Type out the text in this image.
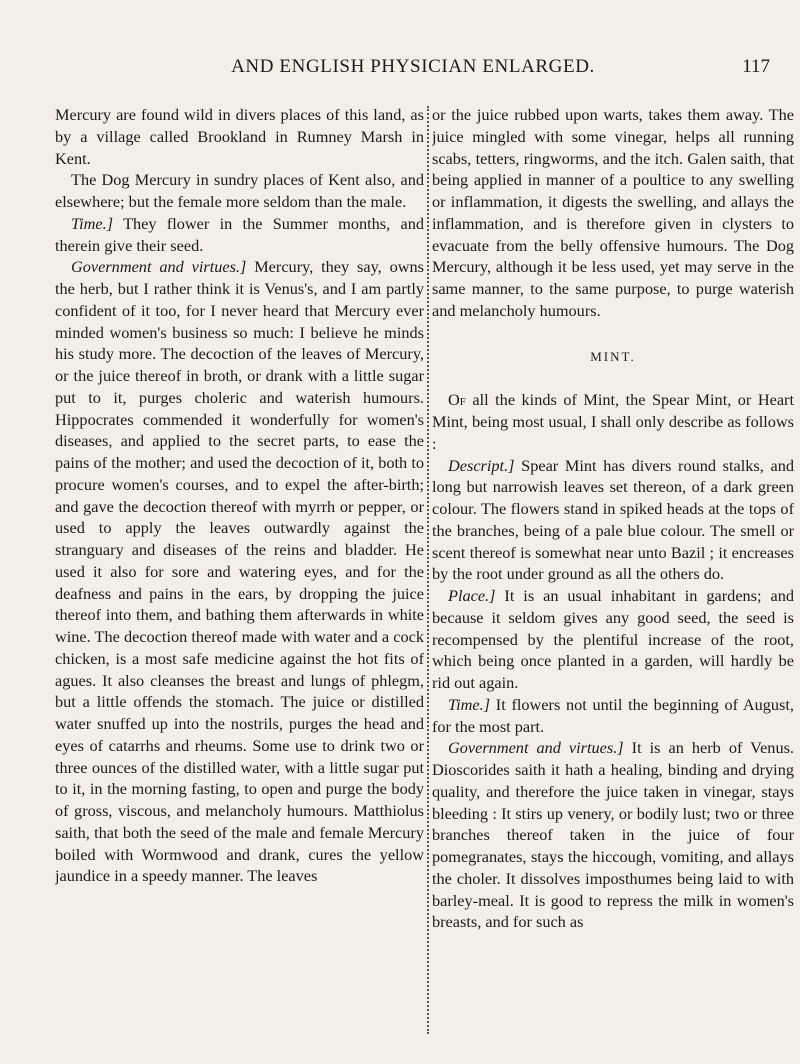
AND ENGLISH PHYSICIAN ENLARGED.	117

Mercury are found wild in divers places of this land, as by a village called Brookland in Rumney Marsh in Kent.

The Dog Mercury in sundry places of Kent also, and elsewhere; but the female more seldom than the male.

Time.] They flower in the Summer months, and therein give their seed.

Government and virtues.] Mercury, they say, owns the herb, but I rather think it is Venus's, and I am partly confident of it too, for I never heard that Mercury ever minded women's business so much: I believe he minds his study more. The decoction of the leaves of Mercury, or the juice thereof in broth, or drank with a little sugar put to it, purges choleric and waterish humours. Hippocrates commended it wonderfully for women's diseases, and applied to the secret parts, to ease the pains of the mother; and used the decoction of it, both to procure women's courses, and to expel the after-birth; and gave the decoction thereof with myrrh or pepper, or used to apply the leaves outwardly against the stranguary and diseases of the reins and bladder. He used it also for sore and watering eyes, and for the deafness and pains in the ears, by dropping the juice thereof into them, and bathing them afterwards in white wine. The decoction thereof made with water and a cock chicken, is a most safe medicine against the hot fits of agues. It also cleanses the breast and lungs of phlegm, but a little offends the stomach. The juice or distilled water snuffed up into the nostrils, purges the head and eyes of catarrhs and rheums. Some use to drink two or three ounces of the distilled water, with a little sugar put to it, in the morning fasting, to open and purge the body of gross, viscous, and melancholy humours. Matthiolus saith, that both the seed of the male and female Mercury boiled with Wormwood and drank, cures the yellow jaundice in a speedy manner. The leaves

or the juice rubbed upon warts, takes them away. The juice mingled with some vinegar, helps all running scabs, tetters, ringworms, and the itch. Galen saith, that being applied in manner of a poultice to any swelling or inflammation, it digests the swelling, and allays the inflammation, and is therefore given in clysters to evacuate from the belly offensive humours. The Dog Mercury, although it be less used, yet may serve in the same manner, to the same purpose, to purge waterish and melancholy humours.

MINT.

Of all the kinds of Mint, the Spear Mint, or Heart Mint, being most usual, I shall only describe as follows :

Descript.] Spear Mint has divers round stalks, and long but narrowish leaves set thereon, of a dark green colour. The flowers stand in spiked heads at the tops of the branches, being of a pale blue colour. The smell or scent thereof is somewhat near unto Bazil ; it encreases by the root under ground as all the others do.

Place.] It is an usual inhabitant in gardens; and because it seldom gives any good seed, the seed is recompensed by the plentiful increase of the root, which being once planted in a garden, will hardly be rid out again.

Time.] It flowers not until the beginning of August, for the most part.

Government and virtues.] It is an herb of Venus. Dioscorides saith it hath a healing, binding and drying quality, and therefore the juice taken in vinegar, stays bleeding : It stirs up venery, or bodily lust; two or three branches thereof taken in the juice of four pomegranates, stays the hiccough, vomiting, and allays the choler. It dissolves imposthumes being laid to with barley-meal. It is good to repress the milk in women's breasts, and for such as
